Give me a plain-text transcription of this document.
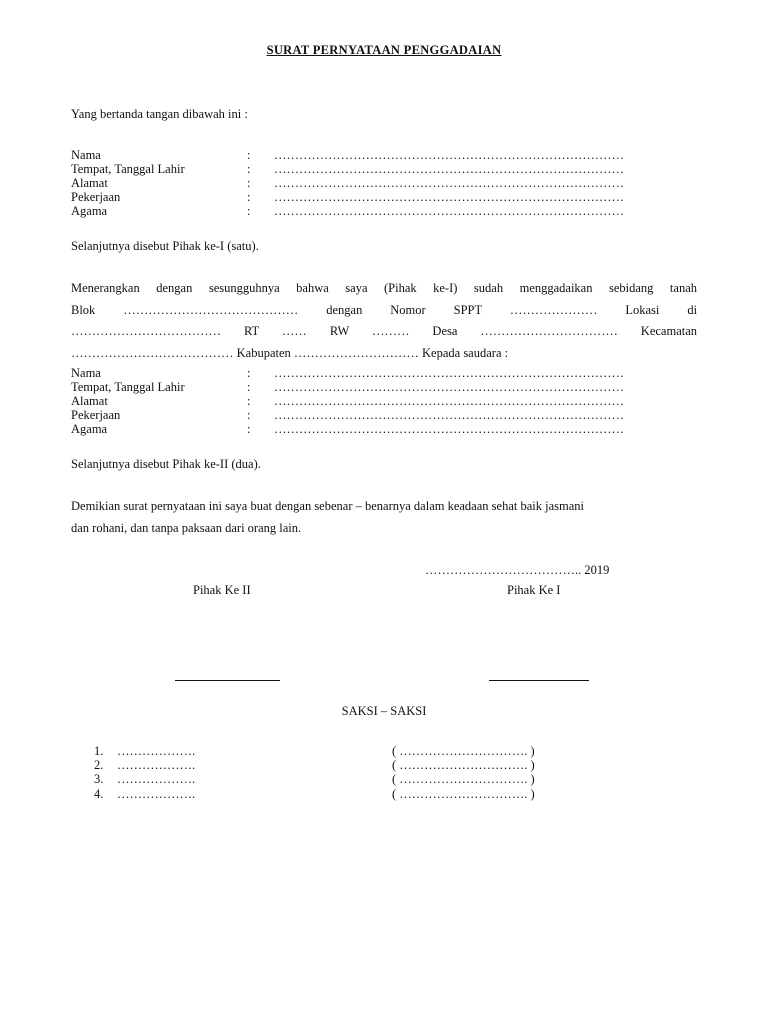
SURAT PERNYATAAN PENGGADAIAN
Yang bertanda tangan dibawah ini :
Nama	: …………………………………………………………………………
Tempat, Tanggal Lahir	: …………………………………………………………………………
Alamat	: …………………………………………………………………………
Pekerjaan	: …………………………………………………………………………
Agama	: …………………………………………………………………………
Selanjutnya disebut Pihak ke-I (satu).
Menerangkan dengan sesungguhnya bahwa saya (Pihak ke-I) sudah menggadaikan sebidang tanah
Blok …………………………………… dengan Nomor SPPT ………………… Lokasi di
……………………………… RT …… RW ……… Desa …………………………… Kecamatan
………………………………… Kabupaten ………………………… Kepada saudara :
Nama	: …………………………………………………………………………
Tempat, Tanggal Lahir	: …………………………………………………………………………
Alamat	: …………………………………………………………………………
Pekerjaan	: …………………………………………………………………………
Agama	: …………………………………………………………………………
Selanjutnya disebut Pihak ke-II (dua).
Demikian surat pernyataan ini saya buat dengan sebenar – benarnya dalam keadaan sehat baik jasmani
dan rohani, dan tanpa paksaan dari orang lain.
……………………………….. 2019
Pihak Ke II	Pihak Ke I
SAKSI – SAKSI
1. ……………….	( …………………………. )
2. ……………….	( …………………………. )
3. ……………….	( …………………………. )
4. ……………….	( …………………………. )
